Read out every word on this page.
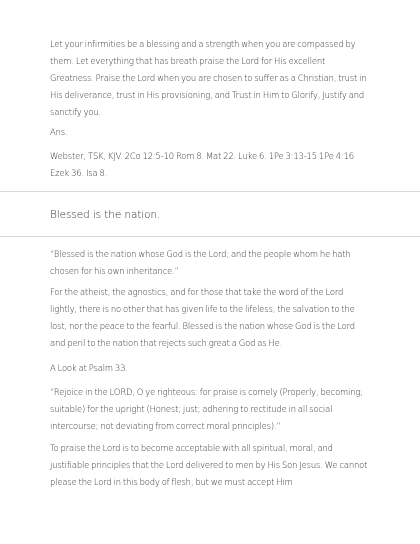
Let your infirmities be a blessing and a strength when you are compassed by them. Let everything that has breath praise the Lord for His excellent Greatness. Praise the Lord when you are chosen to suffer as a Christian, trust in His deliverance, trust in His provisioning, and Trust in Him to Glorify, Justify and sanctify you.

Ans.

Webster, TSK, KJV. 2Co 12:5-10 Rom 8. Mat 22. Luke 6. 1Pe 3:13-15 1Pe 4:16 Ezek 36. Isa 8.

Blessed is the nation.

“Blessed is the nation whose God is the Lord; and the people whom he hath chosen for his own inheritance.”

For the atheist, the agnostics, and for those that take the word of the Lord lightly, there is no other that has given life to the lifeless, the salvation to the lost, nor the peace to the fearful. Blessed is the nation whose God is the Lord and peril to the nation that rejects such great a God as He.

A Look at Psalm 33.

“Rejoice in the LORD, O ye righteous: for praise is comely (Properly, becoming; suitable) for the upright (Honest; just; adhering to rectitude in all social intercourse; not deviating from correct moral principles).”

To praise the Lord is to become acceptable with all spiritual, moral, and justifiable principles that the Lord delivered to men by His Son Jesus. We cannot please the Lord in this body of flesh, but we must accept Him
